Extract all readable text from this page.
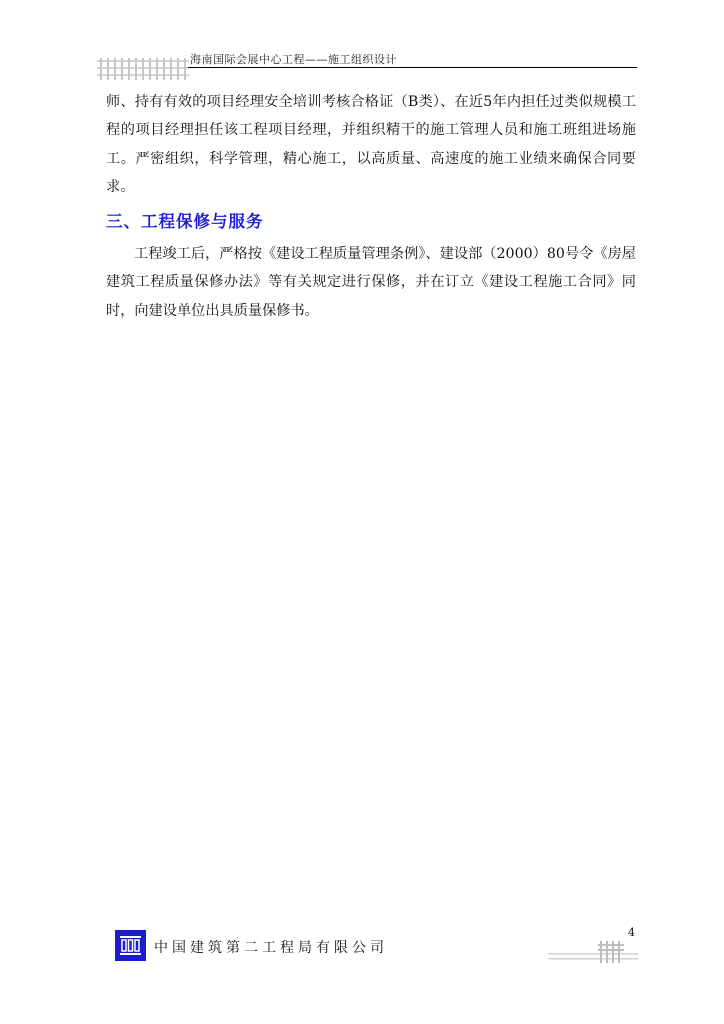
海南国际会展中心工程——施工组织设计
师、持有有效的项目经理安全培训考核合格证（B类）、在近5年内担任过类似规模工程的项目经理担任该工程项目经理，并组织精干的施工管理人员和施工班组进场施工。严密组织，科学管理，精心施工，以高质量、高速度的施工业绩来确保合同要求。
三、工程保修与服务
工程竣工后，严格按《建设工程质量管理条例》、建设部（2000）80号令《房屋建筑工程质量保修办法》等有关规定进行保修，并在订立《建设工程施工合同》同时，向建设单位出具质量保修书。
中国建筑第二工程局有限公司
4
